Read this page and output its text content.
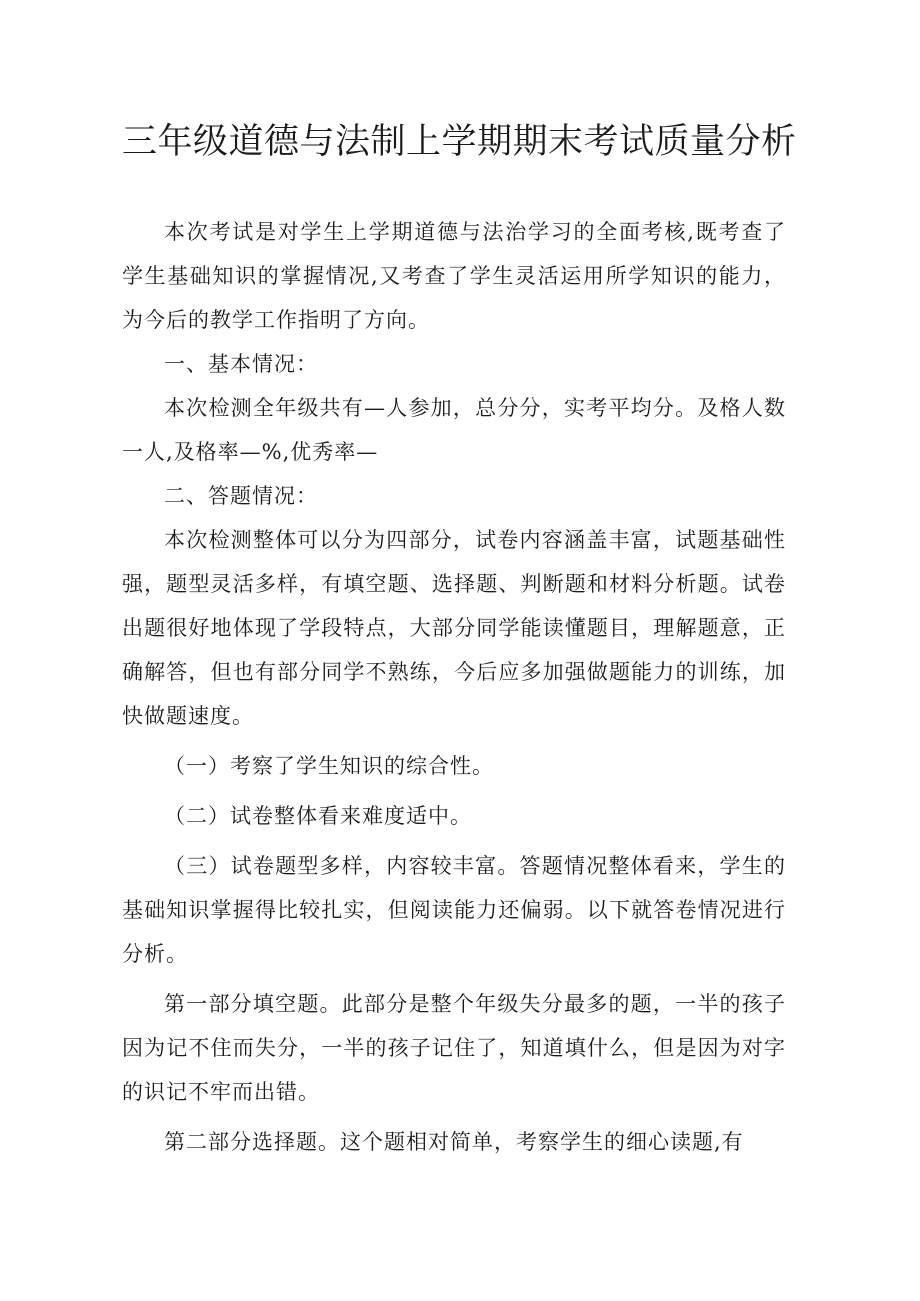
三年级道德与法制上学期期末考试质量分析

本次考试是对学生上学期道德与法治学习的全面考核,既考查了学生基础知识的掌握情况,又考查了学生灵活运用所学知识的能力，为今后的教学工作指明了方向。

一、基本情况：

本次检测全年级共有—人参加，总分分，实考平均分。及格人数一人,及格率—%,优秀率—

二、答题情况：

本次检测整体可以分为四部分，试卷内容涵盖丰富，试题基础性强，题型灵活多样，有填空题、选择题、判断题和材料分析题。试卷出题很好地体现了学段特点，大部分同学能读懂题目，理解题意，正确解答，但也有部分同学不熟练，今后应多加强做题能力的训练，加快做题速度。

（一）考察了学生知识的综合性。

（二）试卷整体看来难度适中。

（三）试卷题型多样，内容较丰富。答题情况整体看来，学生的基础知识掌握得比较扎实，但阅读能力还偏弱。以下就答卷情况进行分析。

第一部分填空题。此部分是整个年级失分最多的题，一半的孩子因为记不住而失分，一半的孩子记住了，知道填什么，但是因为对字的识记不牢而出错。

第二部分选择题。这个题相对简单，考察学生的细心读题,有
